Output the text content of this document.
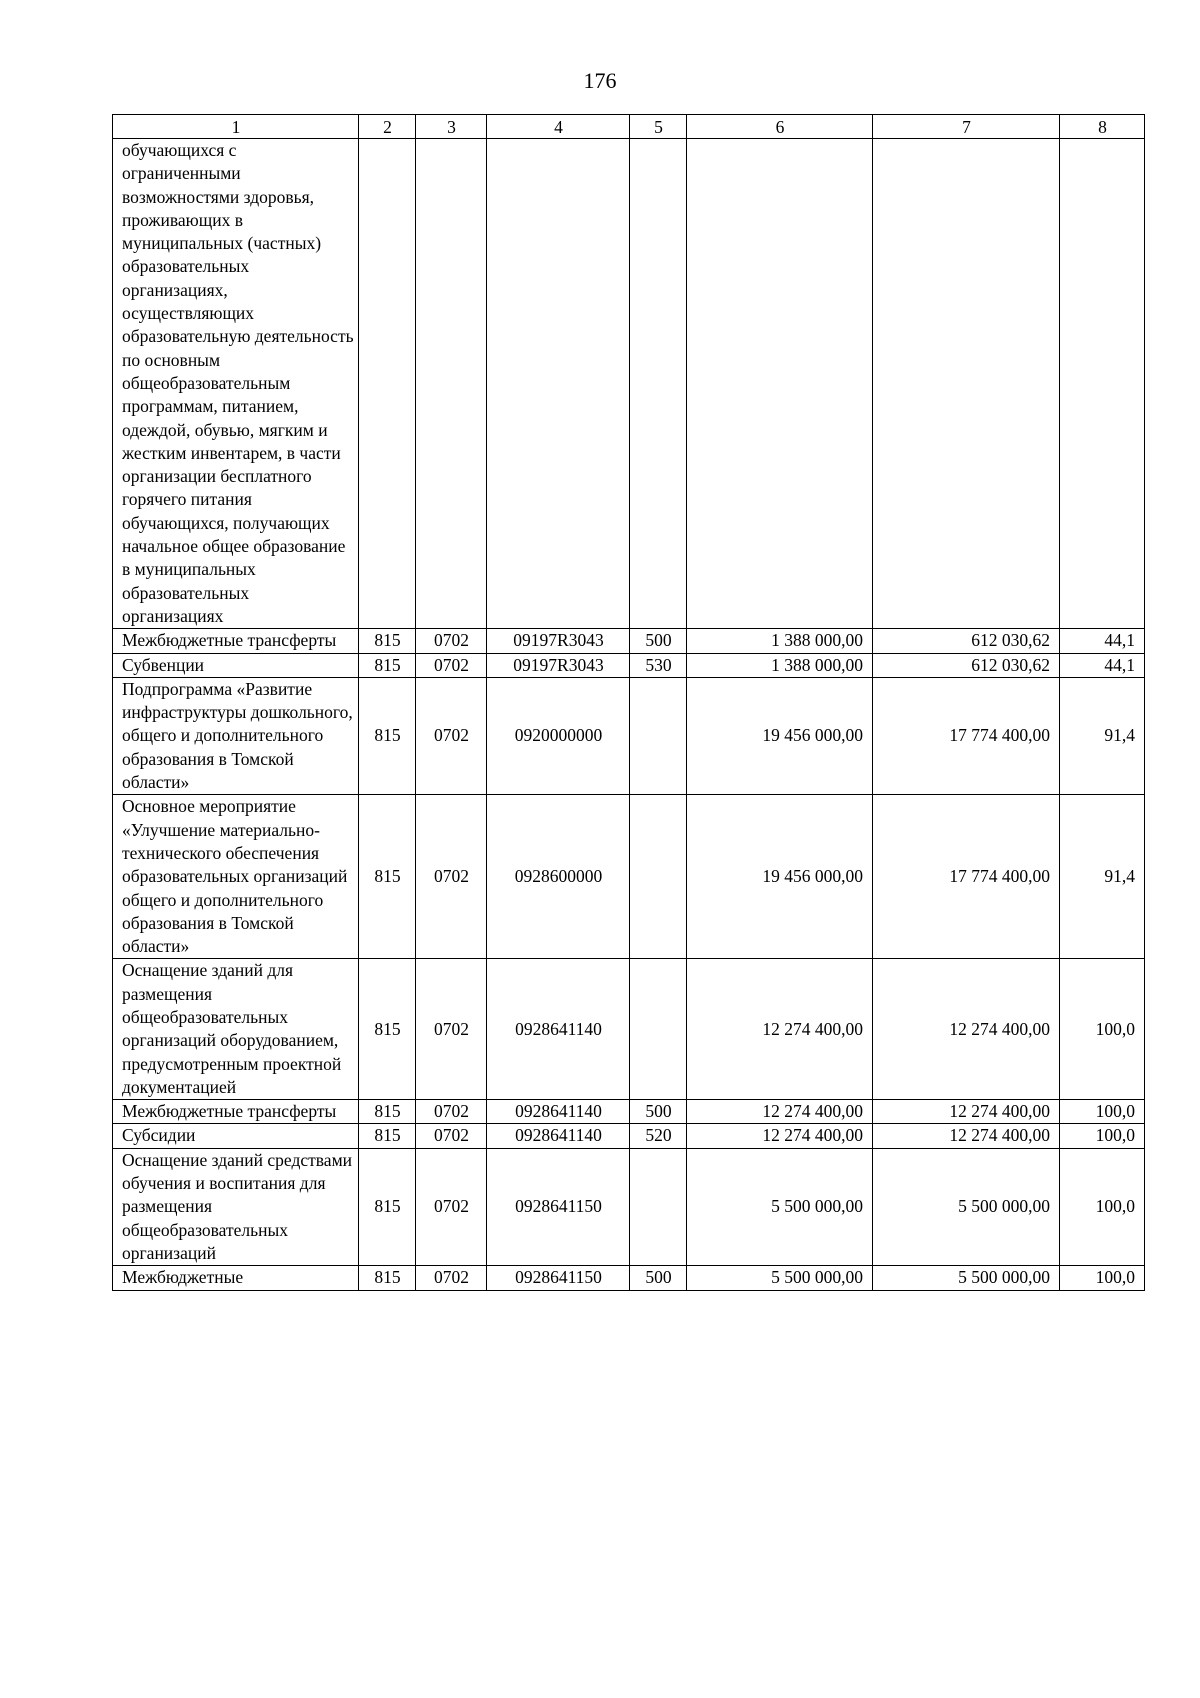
176
1	2	3	4	5	6	7	8
обучающихся с ограниченными возможностями здоровья, проживающих в муниципальных (частных) образовательных организациях, осуществляющих образовательную деятельность по основным общеобразовательным программам, питанием, одеждой, обувью, мягким и жестким инвентарем, в части организации бесплатного горячего питания обучающихся, получающих начальное общее образование в муниципальных образовательных организациях							
Межбюджетные трансферты	815	0702	09197R3043	500	1 388 000,00	612 030,62	44,1
Субвенции	815	0702	09197R3043	530	1 388 000,00	612 030,62	44,1
Подпрограмма «Развитие инфраструктуры дошкольного, общего и дополнительного образования в Томской области»	815	0702	0920000000		19 456 000,00	17 774 400,00	91,4
Основное мероприятие «Улучшение материально-технического обеспечения образовательных организаций общего и дополнительного образования в Томской области»	815	0702	0928600000		19 456 000,00	17 774 400,00	91,4
Оснащение зданий для размещения общеобразовательных организаций оборудованием, предусмотренным проектной документацией	815	0702	0928641140		12 274 400,00	12 274 400,00	100,0
Межбюджетные трансферты	815	0702	0928641140	500	12 274 400,00	12 274 400,00	100,0
Субсидии	815	0702	0928641140	520	12 274 400,00	12 274 400,00	100,0
Оснащение зданий средствами обучения и воспитания для размещения общеобразовательных организаций	815	0702	0928641150		5 500 000,00	5 500 000,00	100,0
Межбюджетные	815	0702	0928641150	500	5 500 000,00	5 500 000,00	100,0
